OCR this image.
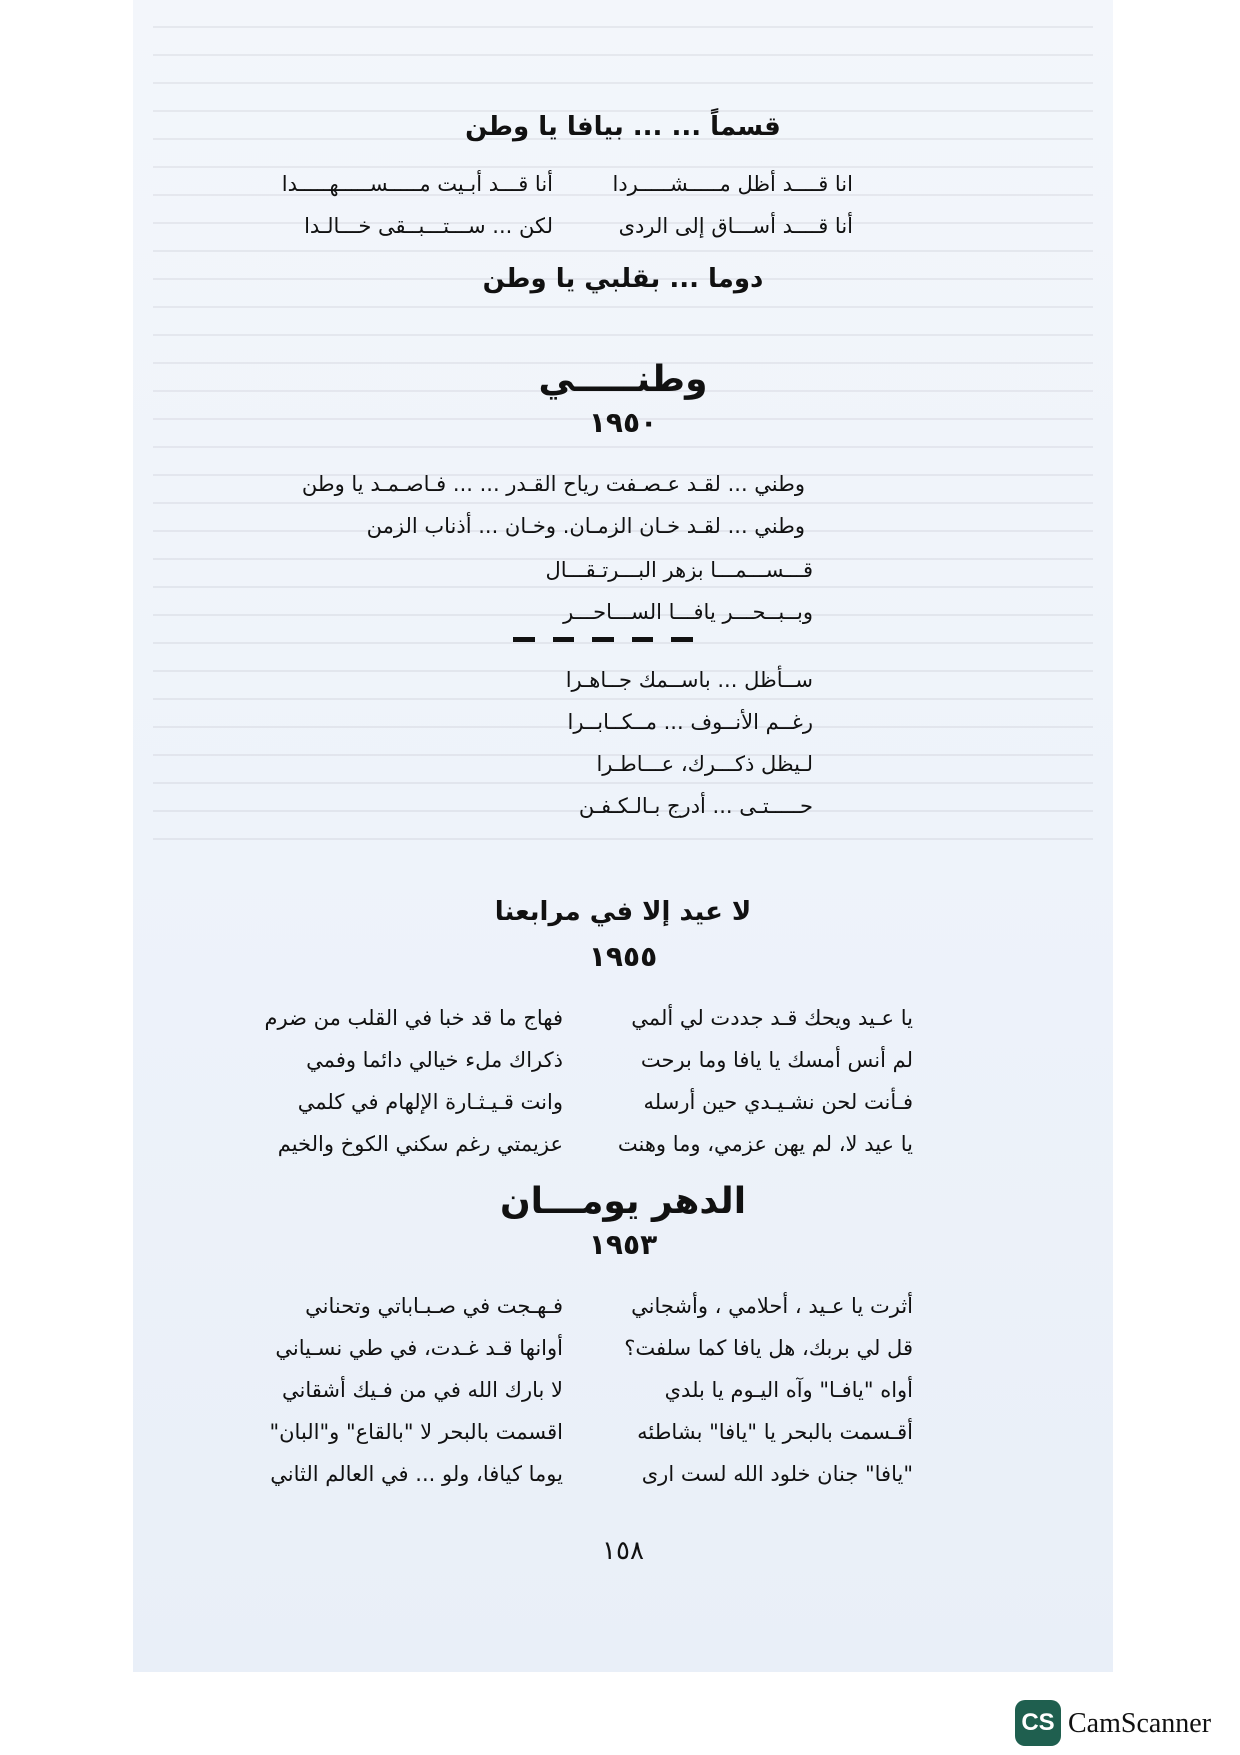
قسماً ... ... بيافا يا وطن
انا قــــد أظل مـــــشـــــردا
أنا قـــد أبـيت مـــــســـــهـــــدا
أنا قــــد أســـاق إلى الردى
لكن ... ســـتـــبــقى خـــالـدا
دوما ... بقلبي يا وطن
وطنـــــي
١٩٥٠
وطني ... لقـد عـصـفت رياح القـدر ... ... فـاصـمـد يا وطن
وطني ... لقـد خـان الزمـان. وخـان ... أذناب الزمن
قـــســـمـــا بزهر البـــرتـقـــال
وبــبــحـــر يافـــا الســـاحـــر
ســأظل ... باســمك جــاهـرا
رغــم الأنــوف ... مــكــابــرا
لـيظل ذكـــرك، عـــاطـرا
حـــــتـى ... أدرج بـالـكـفـن
لا عيد إلا في مرابعنا
١٩٥٥
يا عـيد ويحك قـد جددت لي ألمي
فهاج ما قد خبا في القلب من ضرم
لم أنس أمسك يا يافا وما برحت
ذكراك ملء خيالي دائما وفمي
فـأنت لحن نشـيـدي حين أرسله
وانت قـيـثـارة الإلهام في كلمي
يا عيد لا، لم يهن عزمي، وما وهنت
عزيمتي رغم سكني الكوخ والخيم
الدهر يومـــان
١٩٥٣
أثرت يا عـيد ، أحلامي ، وأشجاني
فـهـجت في صـبـاباتي وتحناني
قل لي بربك، هل يافا كما سلفت؟
أوانها قـد غـدت، في طي نسـياني
أواه "يافـا" وآه اليـوم يا بلدي
لا بارك الله في من فـيك أشقاني
أقـسمت بالبحر يا "يافا" بشاطئه
اقسمت بالبحر لا "بالقاع" و"البان"
"يافا" جنان خلود الله لست ارى
يوما كيافا، ولو ... في العالم الثاني
١٥٨
CS CamScanner
